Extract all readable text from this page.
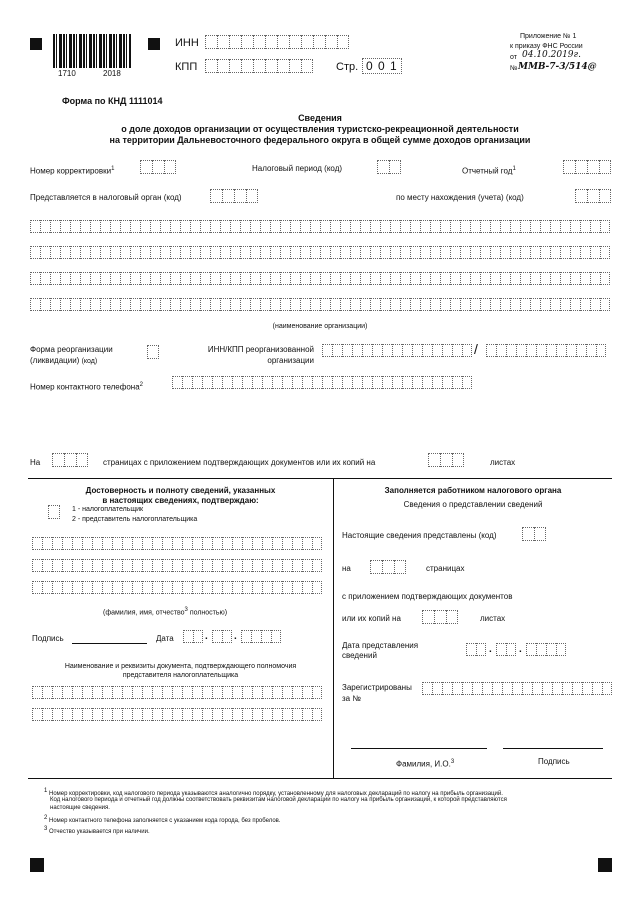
1710	2018
ИНН
КПП	Стр. 0 0 1
Приложение № 1
к приказу ФНС России
от 04.10.2019г.
№ ММВ-7-3/514@
Форма по КНД 1111014
Сведения
о доле доходов организации от осуществления туристско-рекреационной деятельности
на территории Дальневосточного федерального округа в общей сумме доходов организации
Номер корректировки$^1$	Налоговый период (код)	Отчетный год$^1$
Представляется в налоговый орган (код)	по месту нахождения (учета) (код)
(наименование организации)
Форма реорганизации
(ликвидации) (код)
ИНН/КПП реорганизованной
организации
/
Номер контактного телефона$^2$
На	страницах с приложением подтверждающих документов или их копий на	листах
Достоверность и полноту сведений, указанных
в настоящих сведениях, подтверждаю:
1 - налогоплательщик
2 - представитель налогоплательщика
(фамилия, имя, отчество3 полностью)
Подпись	Дата	.	.
Наименование и реквизиты документа, подтверждающего полномочия
представителя налогоплательщика
Заполняется работником налогового органа
Сведения о представлении сведений
Настоящие сведения представлены (код)
на	страницах
с приложением подтверждающих документов
или их копий на	листах
Дата представления
сведений
.	.
Зарегистрированы
за №
Фамилия, И.О.$^3$	Подпись
1 Номер корректировки, код налогового периода указываются аналогично порядку, установленному для налоговых деклараций по налогу на прибыль организаций.
Код налогового периода и отчетный год должны соответствовать реквизитам налоговой декларации по налогу на прибыль организаций, к которой представляются
настоящие сведения.
2 Номер контактного телефона заполняется с указанием кода города, без пробелов.
3 Отчество указывается при наличии.
